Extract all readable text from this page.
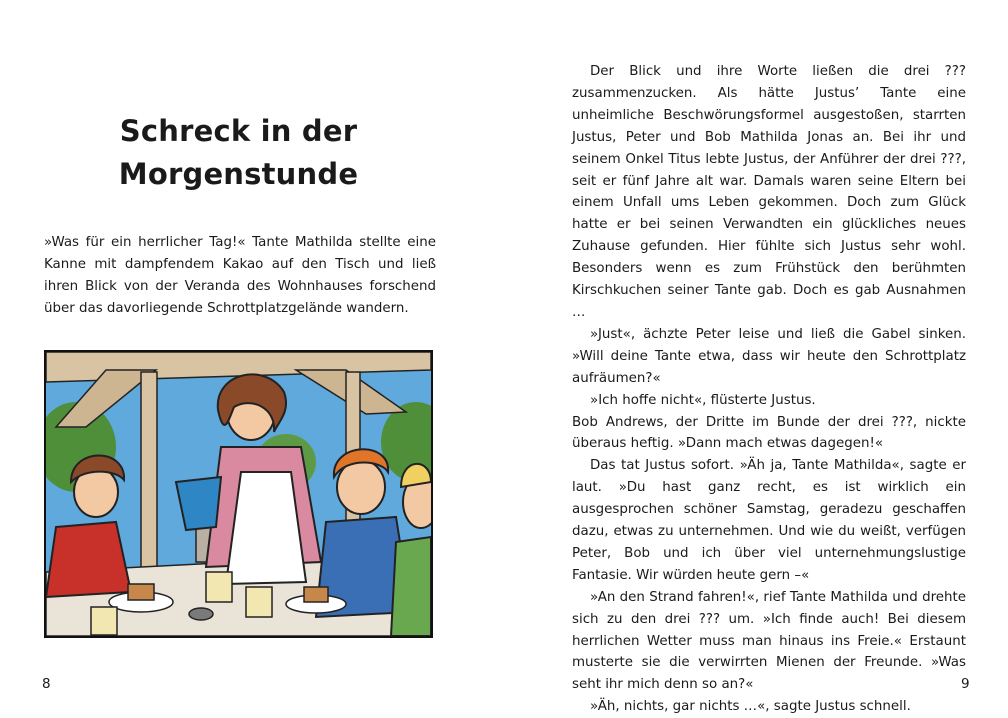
Schreck in der
Morgenstunde

»Was für ein herrlicher Tag!« Tante Mathilda stellte eine Kanne mit dampfendem Kakao auf den Tisch und ließ ihren Blick von der Veranda des Wohnhauses forschend über das davorliegende Schrottplatzgelände wandern.

8

Der Blick und ihre Worte ließen die drei ??? zusammenzucken. Als hätte Justus’ Tante eine unheimliche Beschwörungsformel ausgestoßen, starrten Justus, Peter und Bob Mathilda Jonas an. Bei ihr und seinem Onkel Titus lebte Justus, der Anführer der drei ???, seit er fünf Jahre alt war. Damals waren seine Eltern bei einem Unfall ums Leben gekommen. Doch zum Glück hatte er bei seinen Verwandten ein glückliches neues Zuhause gefunden. Hier fühlte sich Justus sehr wohl. Besonders wenn es zum Frühstück den berühmten Kirschkuchen seiner Tante gab. Doch es gab Ausnahmen …

»Just«, ächzte Peter leise und ließ die Gabel sinken. »Will deine Tante etwa, dass wir heute den Schrottplatz aufräumen?«

»Ich hoffe nicht«, flüsterte Justus.

Bob Andrews, der Dritte im Bunde der drei ???, nickte überaus heftig. »Dann mach etwas dagegen!«

Das tat Justus sofort. »Äh ja, Tante Mathilda«, sagte er laut. »Du hast ganz recht, es ist wirklich ein ausgesprochen schöner Samstag, geradezu geschaffen dazu, etwas zu unternehmen. Und wie du weißt, verfügen Peter, Bob und ich über viel unternehmungslustige Fantasie. Wir würden heute gern –«

»An den Strand fahren!«, rief Tante Mathilda und drehte sich zu den drei ??? um. »Ich finde auch! Bei diesem herrlichen Wetter muss man hinaus ins Freie.« Erstaunt musterte sie die verwirrten Mienen der Freunde. »Was seht ihr mich denn so an?«

»Äh, nichts, gar nichts …«, sagte Justus schnell.

9
